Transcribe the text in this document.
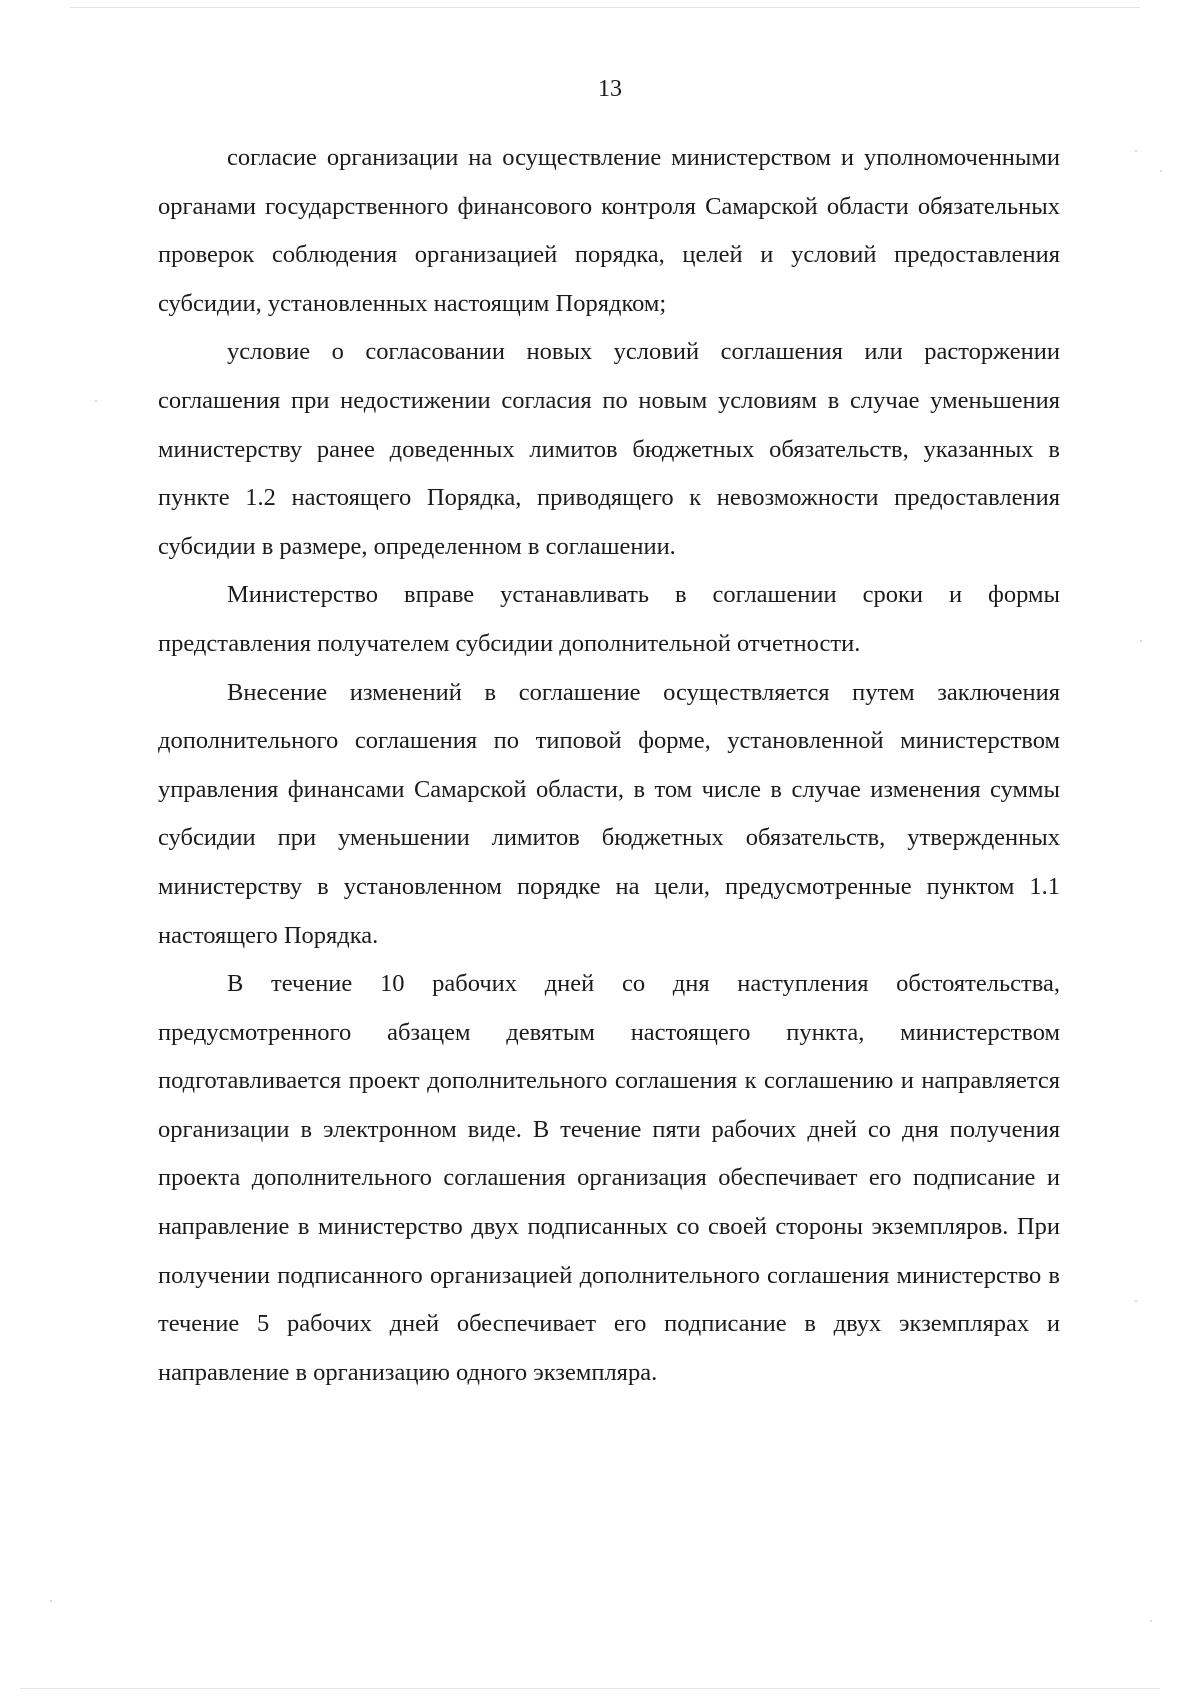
13

согласие организации на осуществление министерством и уполномоченными органами государственного финансового контроля Самарской области обязательных проверок соблюдения организацией порядка, целей и условий предоставления субсидии, установленных настоящим Порядком;

условие о согласовании новых условий соглашения или расторжении соглашения при недостижении согласия по новым условиям в случае уменьшения министерству ранее доведенных лимитов бюджетных обязательств, указанных в пункте 1.2 настоящего Порядка, приводящего к невозможности предоставления субсидии в размере, определенном в соглашении.

Министерство вправе устанавливать в соглашении сроки и формы представления получателем субсидии дополнительной отчетности.

Внесение изменений в соглашение осуществляется путем заключения дополнительного соглашения по типовой форме, установленной министерством управления финансами Самарской области, в том числе в случае изменения суммы субсидии при уменьшении лимитов бюджетных обязательств, утвержденных министерству в установленном порядке на цели, предусмотренные пунктом 1.1 настоящего Порядка.

В течение 10 рабочих дней со дня наступления обстоятельства, предусмотренного абзацем девятым настоящего пункта, министерством подготавливается проект дополнительного соглашения к соглашению и направляется организации в электронном виде. В течение пяти рабочих дней со дня получения проекта дополнительного соглашения организация обеспечивает его подписание и направление в министерство двух подписанных со своей стороны экземпляров. При получении подписанного организацией дополнительного соглашения министерство в течение 5 рабочих дней обеспечивает его подписание в двух экземплярах и направление в организацию одного экземпляра.
